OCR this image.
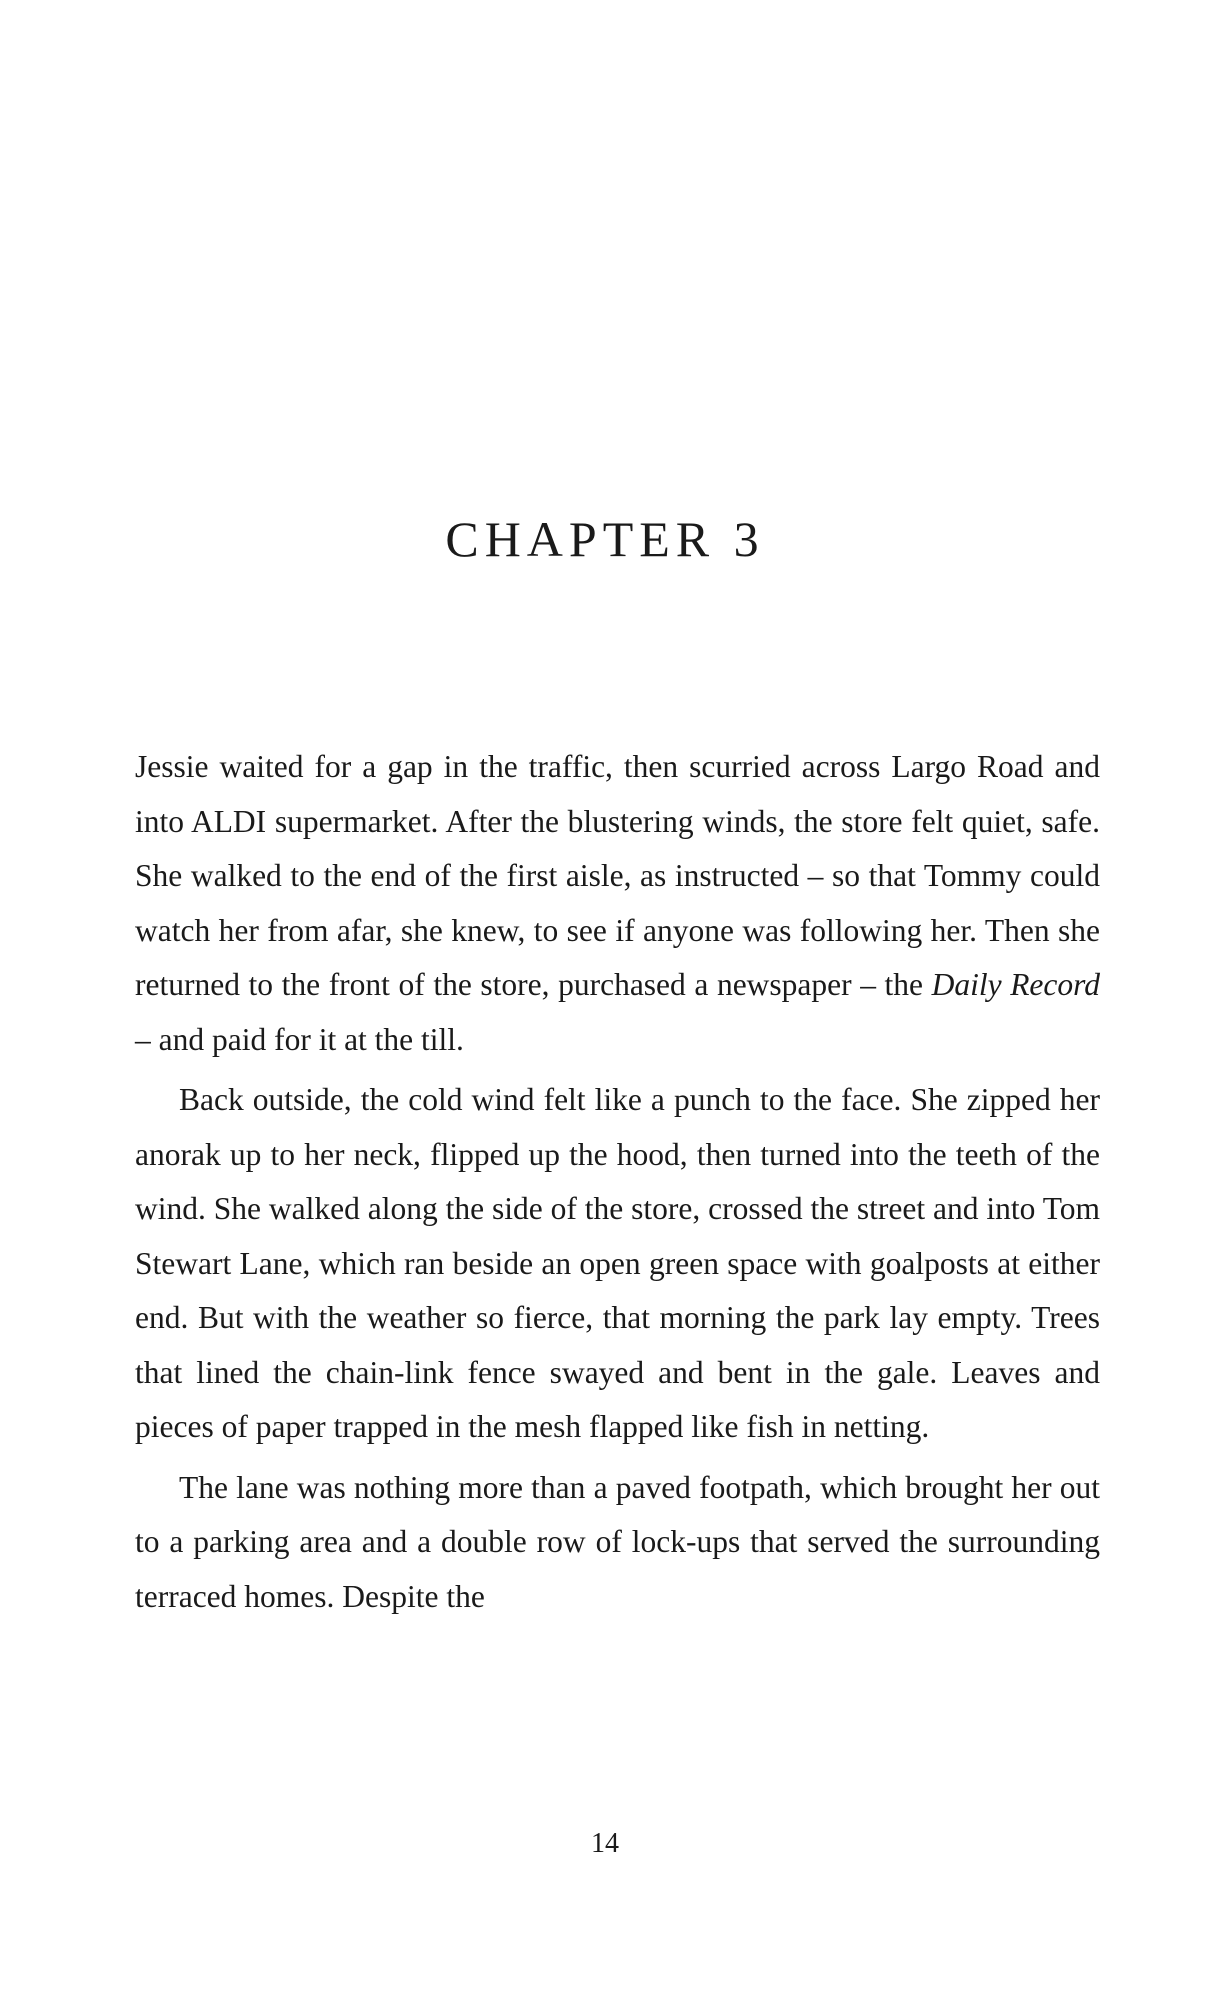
CHAPTER 3

Jessie waited for a gap in the traffic, then scurried across Largo Road and into ALDI supermarket. After the blustering winds, the store felt quiet, safe. She walked to the end of the first aisle, as instructed – so that Tommy could watch her from afar, she knew, to see if anyone was following her. Then she returned to the front of the store, purchased a newspaper – the Daily Record – and paid for it at the till.

Back outside, the cold wind felt like a punch to the face. She zipped her anorak up to her neck, flipped up the hood, then turned into the teeth of the wind. She walked along the side of the store, crossed the street and into Tom Stewart Lane, which ran beside an open green space with goalposts at either end. But with the weather so fierce, that morning the park lay empty. Trees that lined the chain-link fence swayed and bent in the gale. Leaves and pieces of paper trapped in the mesh flapped like fish in netting.

The lane was nothing more than a paved footpath, which brought her out to a parking area and a double row of lock-ups that served the surrounding terraced homes. Despite the

14
